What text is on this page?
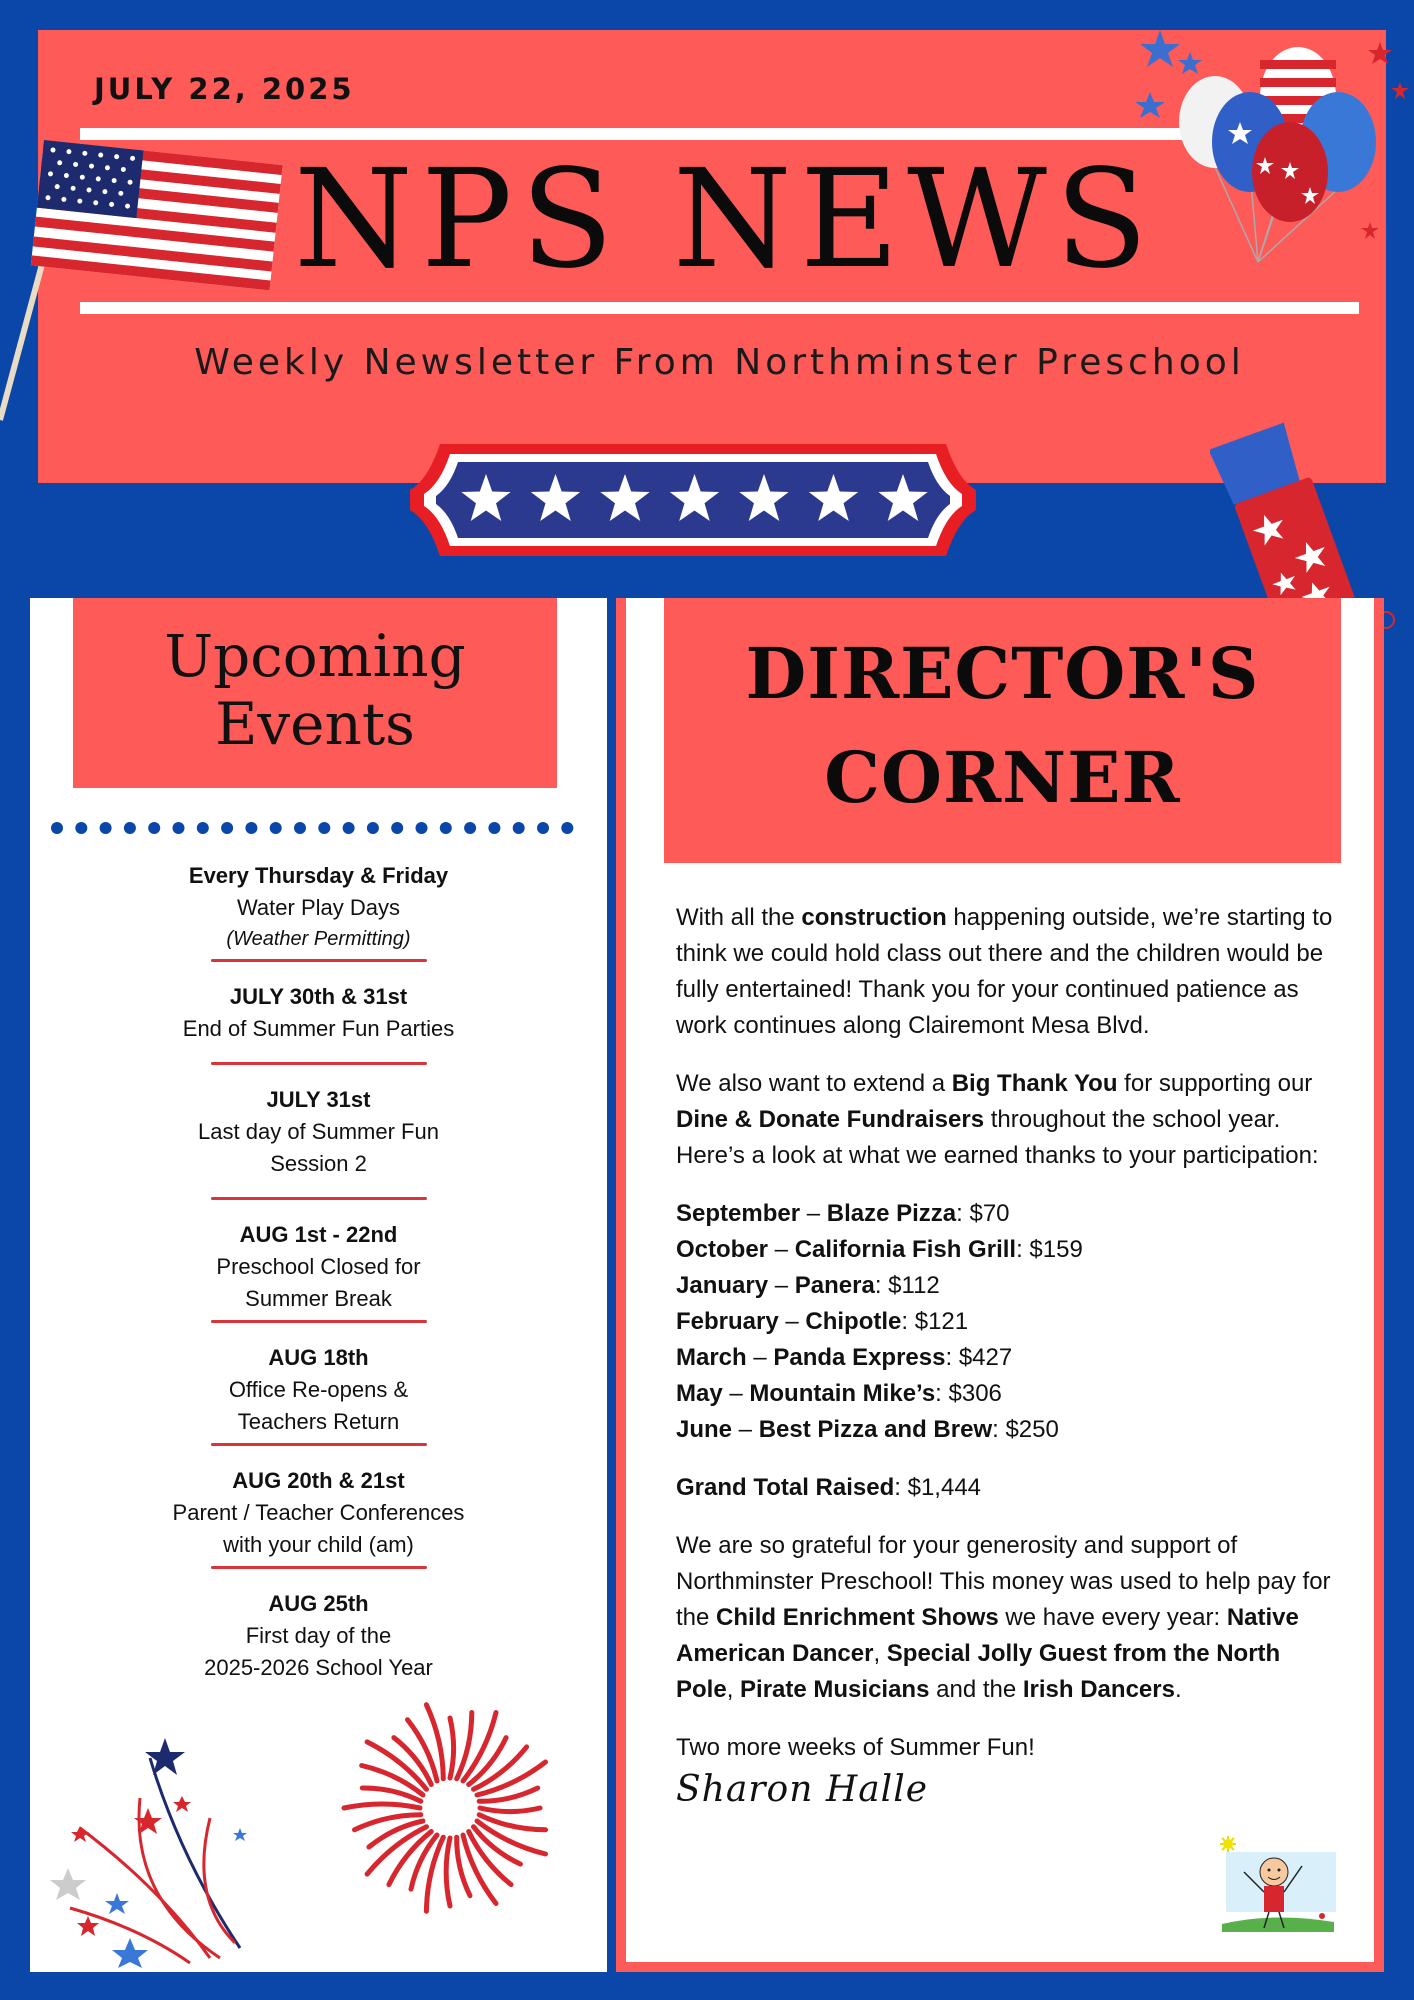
JULY 22, 2025
NPS NEWS
Weekly Newsletter From Northminster Preschool
Upcoming
Events
Every Thursday & Friday
Water Play Days
(Weather Permitting)
JULY 30th & 31st
End of Summer Fun Parties
JULY 31st
Last day of Summer Fun
Session 2
AUG 1st - 22nd
Preschool Closed for
Summer Break
AUG 18th
Office Re-opens &
Teachers Return
AUG 20th & 21st
Parent / Teacher Conferences
with your child (am)
AUG 25th
First day of the
2025-2026 School Year
DIRECTOR'S
CORNER

With all the construction happening outside, we’re starting to think we could hold class out there and the children would be fully entertained! Thank you for your continued patience as work continues along Clairemont Mesa Blvd.

We also want to extend a Big Thank You for supporting our Dine & Donate Fundraisers throughout the school year. Here’s a look at what we earned thanks to your participation:

September – Blaze Pizza: $70
October – California Fish Grill: $159
January – Panera: $112
February – Chipotle: $121
March – Panda Express: $427
May – Mountain Mike’s: $306
June – Best Pizza and Brew: $250

Grand Total Raised: $1,444

We are so grateful for your generosity and support of Northminster Preschool! This money was used to help pay for the Child Enrichment Shows we have every year: Native American Dancer, Special Jolly Guest from the North Pole, Pirate Musicians and the Irish Dancers.

Two more weeks of Summer Fun!

Sharon Halle
